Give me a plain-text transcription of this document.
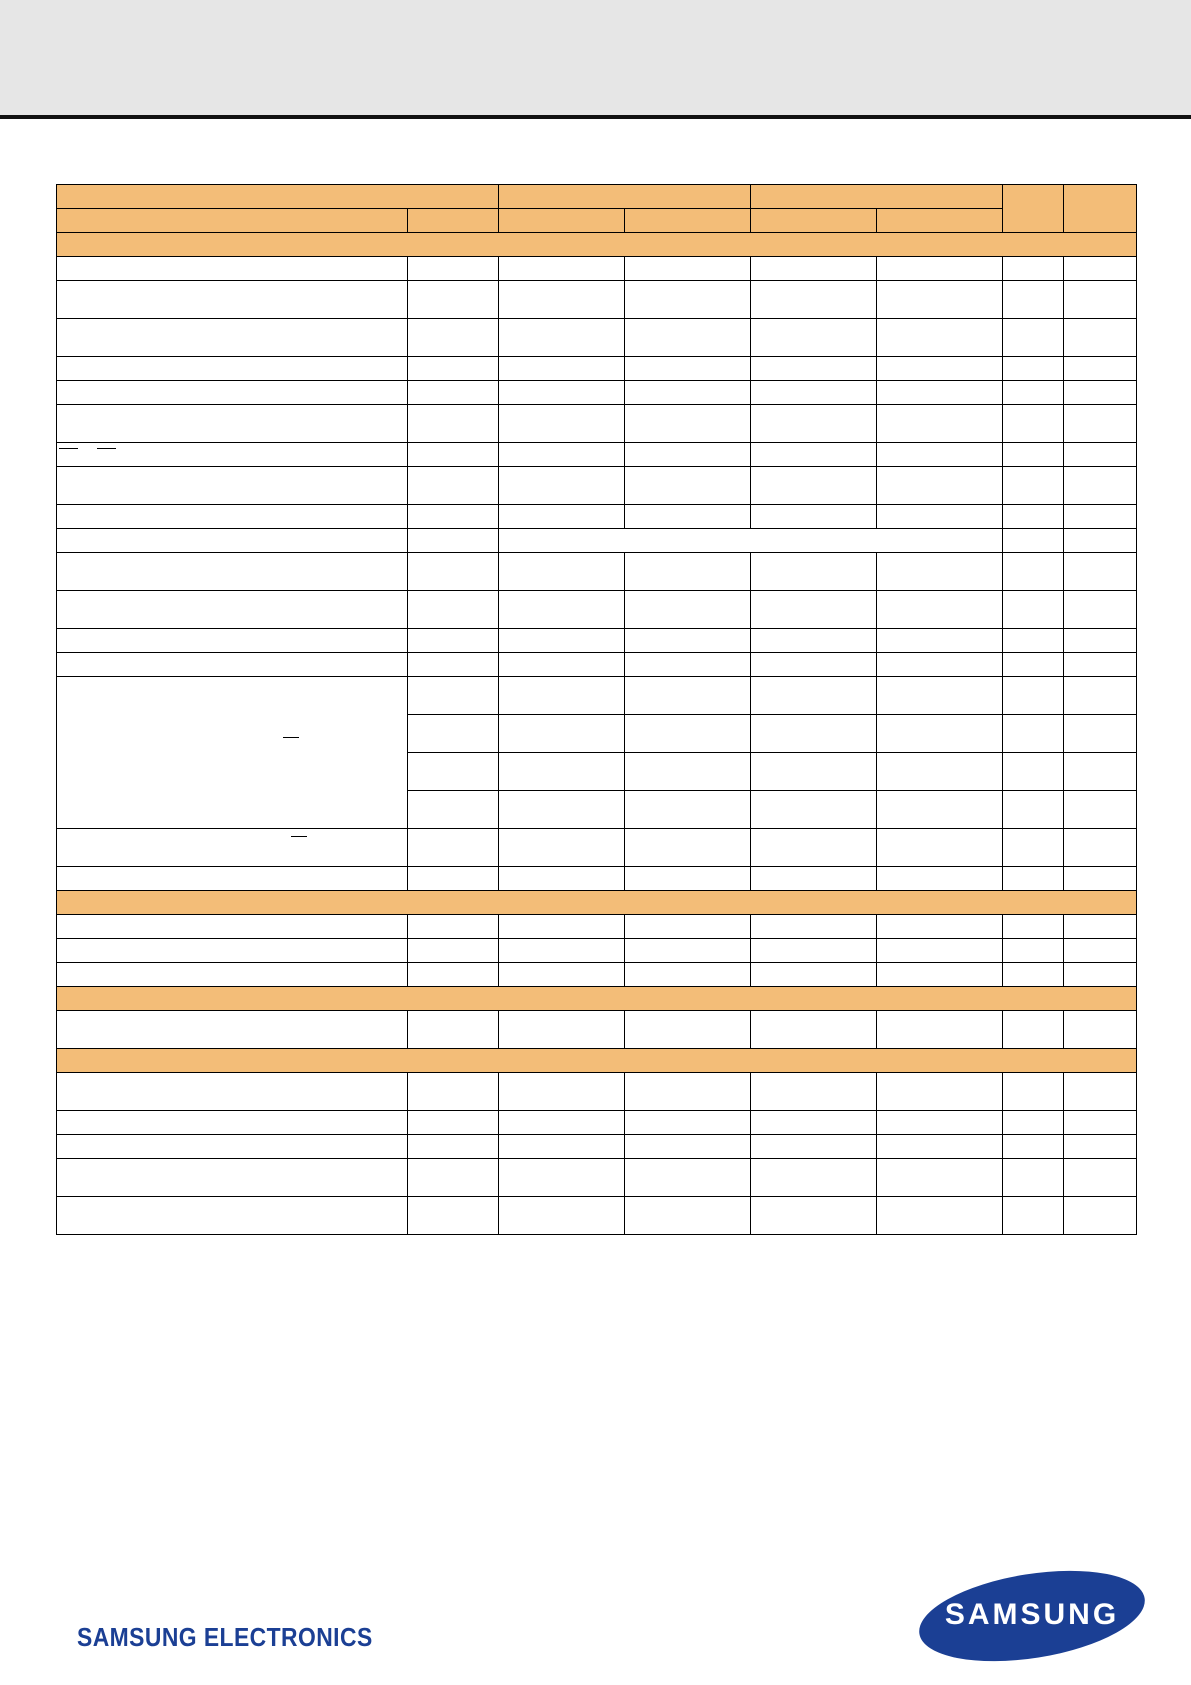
SAMSUNG ELECTRONICS
SAMSUNG
